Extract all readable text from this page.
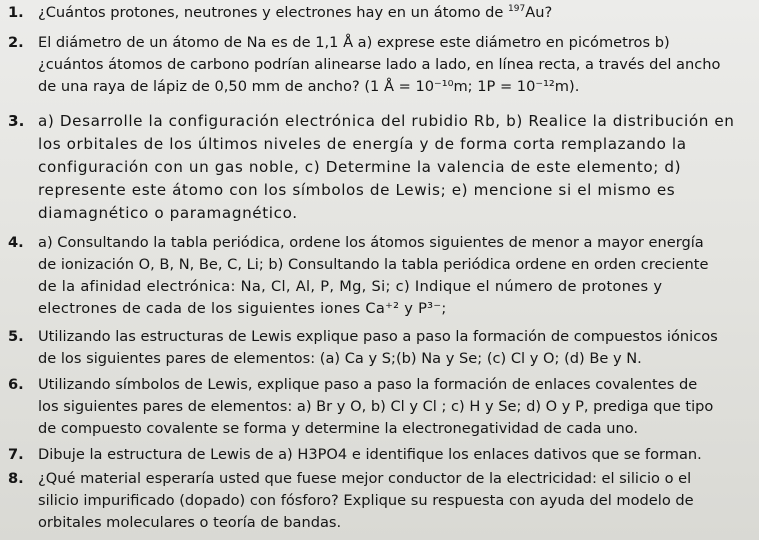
1. ¿Cuántos protones, neutrones y electrones hay en un átomo de $^{197}$Au?
2. El diámetro de un átomo de Na es de 1,1 Å a) exprese este diámetro en picómetros b)
¿cuántos átomos de carbono podrían alinearse lado a lado, en línea recta, a través del ancho
de una raya de lápiz de 0,50 mm de ancho? (1 Å = 10⁻¹⁰m; 1P = 10⁻¹²m).
3. a) Desarrolle la configuración electrónica del rubidio Rb, b) Realice la distribución en
los orbitales de los últimos niveles de energía y de forma corta remplazando la
configuración con un gas noble, c) Determine la valencia de este elemento; d)
represente este átomo con los símbolos de Lewis; e) mencione si el mismo es
diamagnético o paramagnético.
4. a) Consultando la tabla periódica, ordene los átomos siguientes de menor a mayor energía
de ionización O, B, N, Be, C, Li; b) Consultando la tabla periódica ordene en orden creciente
de la afinidad electrónica: Na, Cl, Al, P, Mg, Si; c) Indique el número de protones y
electrones de cada de los siguientes iones Ca⁺² y P³⁻;
5. Utilizando las estructuras de Lewis explique paso a paso la formación de compuestos iónicos
de los siguientes pares de elementos: (a) Ca y S;(b) Na y Se; (c) Cl y O; (d) Be y N.
6. Utilizando símbolos de Lewis, explique paso a paso la formación de enlaces covalentes de
los siguientes pares de elementos: a) Br y O, b) Cl y Cl ; c) H y Se; d) O y P, prediga que tipo
de compuesto covalente se forma y determine la electronegatividad de cada uno.
7. Dibuje la estructura de Lewis de a) H3PO4 e identifique los enlaces dativos que se forman.
8. ¿Qué material esperaría usted que fuese mejor conductor de la electricidad: el silicio o el
silicio impurificado (dopado) con fósforo? Explique su respuesta con ayuda del modelo de
orbitales moleculares o teoría de bandas.
